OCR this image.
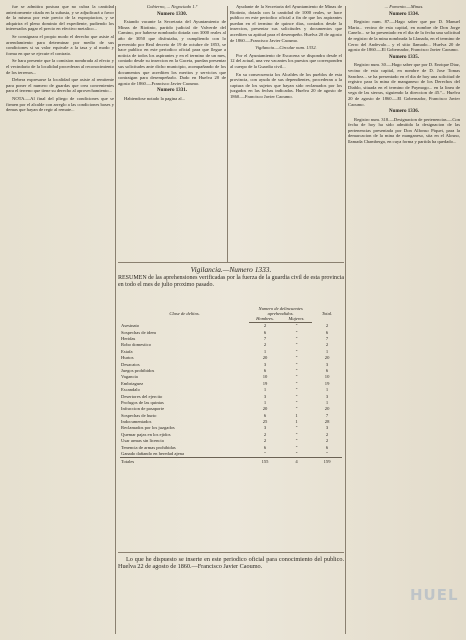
fue se admitira postura que no cubra la cantidad anteriormente citada en la subasta, y se adjudicará a favor de la misma por este precio de la expropiacion, y se adquirira el pleno dominio del expediente, pudiendo los interesados pagar el precio en efectivo metalico...

Se consignara el propio modo el derecho que asiste al arrendamiento para determinar por medio de sus condiciones si su valor equivale a la tasa y al modo y forma en que se ejecute el contrato.

Se hara presente que la comision nombrada al efecto y el vecindario de la localidad procederan al reconocimiento de los terrenos...

Debera expresarse la localidad que asiste al remitente para poner el numero de guardas que crea convenientes para el terreno que tiene su derecho al aprovechamiento...

NOTA.—Al final del pliego de condiciones que se firmen por el alcalde con arreglo a las condiciones bases y demas que hayan de regir al remate...

Gobierno, ... Negociado 1.º

Numero 1330.

Estando vacante la Secretaria del Ayuntamiento de Minas de Riotinto, partido judicial de Valverde del Camino, por haberse nombrado dotada con 3000 reales al año de 3050 que disfrutaba, y cumpliendo con lo prevenido por Real decreto de 19 de octubre de 1853, se hace publico en este periodico oficial para que llegue a noticia de todos los aspirantes y en el termino de un mes, contado desde su insercion en la Gaceta, puedan presentar sus solicitudes ante dicho municipio, acompañando de los documentos que acrediten los meritos y servicios que contraigan para desempeñarlo. Dado en Huelva 20 de agosto de 1860.—Francisco Javier Caoumo.

Numero 1331.

Habiendose notado la pagina al...

Ayudante de la Secretaria del Ayuntamiento de Minas de Riotinto, dotada con la cantidad de 1000 reales, se hace publico en este periodico oficial a fin de que los aspirantes puedan en el termino de quince dias, contados desde la insercion, presentar sus solicitudes y documentos que acrediten su aptitud para el desempeño. Huelva 20 de agosto de 1860.—Francisco Javier Caoumo.

Vigilancia.—Circular num. 1332.

Por el Ayuntamiento de Escacena se dispondra desde el 12 del actual, una vez vacantes los puestos que corresponden al cuerpo de la Guardia civil...

En su consecuencia los Alcaldes de los pueblos de esta provincia, con ayuda de sus dependientes, procederan a la captura de los sujetos que hayan sido reclamados por los juzgados en las fechas indicadas. Huelva 20 de agosto de 1860.—Francisco Javier Caoumo.

... Fomento.—Minas.

Numero 1334.

Registro num. 87.—Hago saber que por D. Manuel Maria... vecino de esta capital, en nombre de Don Jorge Canelo... se ha presentado en el dia de la fecha una solicitud de registro de la mina nombrada la Llanada, en el termino de Cerro del Andevalo... y el sitio llamado... Huelva 20 de agosto de 1860.—El Gobernador, Francisco Javier Caoumo.

Numero 1335.

Registro num. 30.—Hago saber que por D. Enrique Diaz, vecino de esta capital, en nombre de D. Jose Tomas Sanchez... se ha presentado en el dia de hoy una solicitud de registro para la mina de manganeso de los Derechos del Diablo, situada en el termino de Paymogo... en la linea de vega de las sierras, siguiendo la direccion de 45.º... Huelva 20 de agosto de 1860.—El Gobernador, Francisco Javier Caoumo.

Numero 1336.

Registro num. 318.—Designacion de pertenencias.—Con fecha de hoy ha sido admitida la designacion de las pertenencias presentada por Don Alfonso Piquet, para la demarcacion de la mina de manganeso, sita en el Alosno, llamada Chamberga, en cuya forma y partida ha quedado...

Vigilancia.—Numero 1333.
RESUMEN de las aprehensiones verificadas por la fuerza de la guardia civil de esta provincia en todo el mes de julio proximo pasado.
Clase de delitos.	Numero de delincuentes aprehendidos.		Total.
	Hombres.	Mujeres.	
Asesinato	2	"	2
Sospechas de idem	6	"	6
Heridas	7	"	7
Robo domestico	2	"	2
Estafa	1	"	1
Hurtos	20	"	20
Desacatos	3	"	3
Juegos prohibidos	6	"	6
Vagancia	10	"	10
Embriaguez	19	"	19
Escandalo	1	"	1
Desertores del ejercito	3	"	3
Profugos de las quintas	1	"	1
Infraccion de pasaporte	20	"	20
Sospechas de hurto	6	1	7
Indocumentados	25	1	28
Reclamados por los juzgados	3	"	3
Quemar pajas en los ejidos	2	"	2
Usar armas sin licencia	2	"	2
Tenencia de armas prohibidas	6	"	6
Ganado dañando en heredad ajena	"	"	"
Totales	155	4	159

Lo que he dispuesto se inserte en este periodico oficial para conocimiento del publico. Huelva 22 de agosto de 1860.—Francisco Javier Caoumo.

HUEL
